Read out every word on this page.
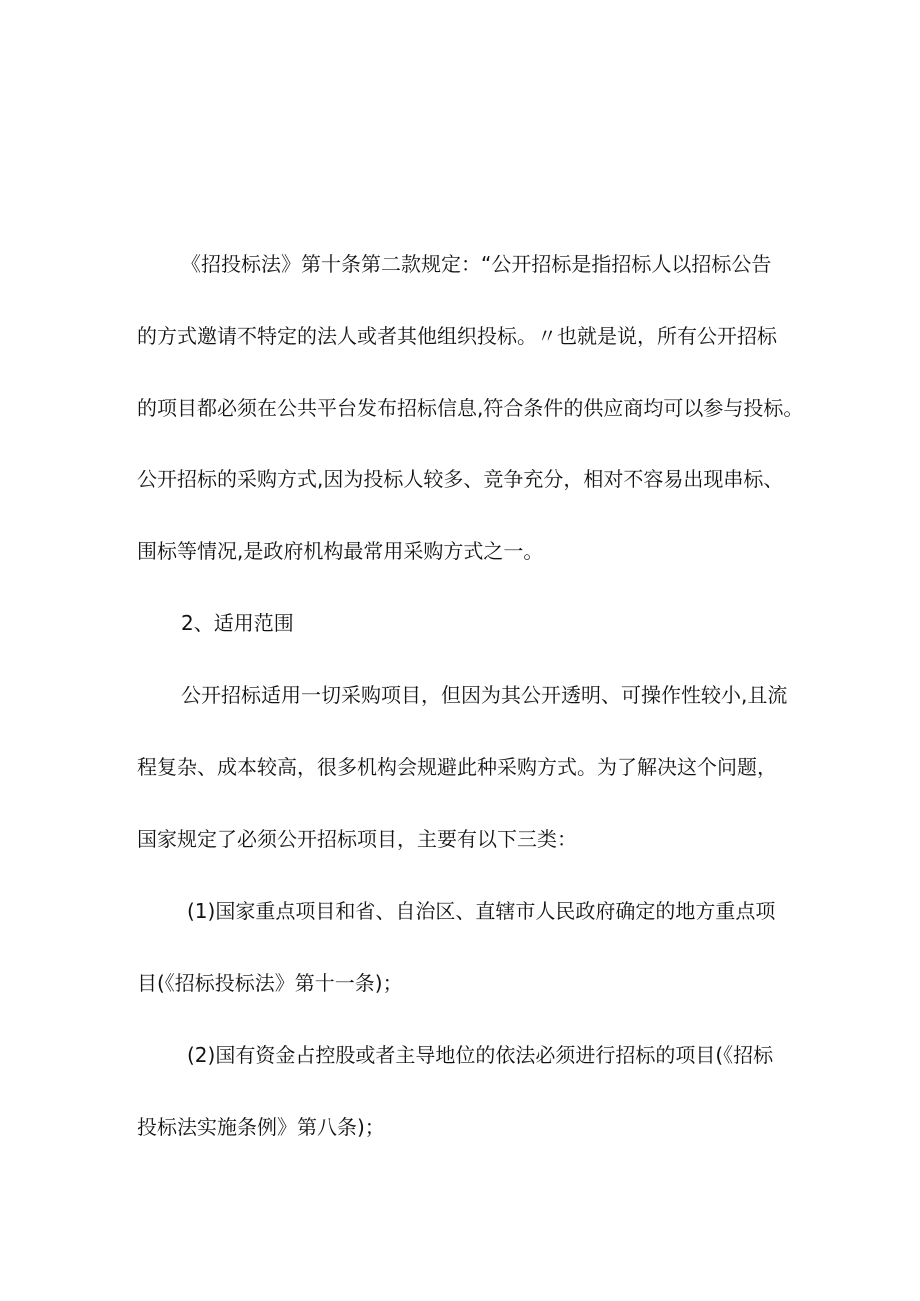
《招投标法》第十条第二款规定：“公开招标是指招标人以招标公告
的方式邀请不特定的法人或者其他组织投标。〃也就是说，所有公开招标
的项目都必须在公共平台发布招标信息,符合条件的供应商均可以参与投标。
公开招标的采购方式,因为投标人较多、竞争充分，相对不容易出现串标、
围标等情况,是政府机构最常用采购方式之一。
2、适用范围
公开招标适用一切采购项目，但因为其公开透明、可操作性较小,且流
程复杂、成本较高，很多机构会规避此种采购方式。为了解决这个问题，
国家规定了必须公开招标项目，主要有以下三类：
(1)国家重点项目和省、自治区、直辖市人民政府确定的地方重点项
目(《招标投标法》第十一条)；
(2)国有资金占控股或者主导地位的依法必须进行招标的项目(《招标
投标法实施条例》第八条)；
